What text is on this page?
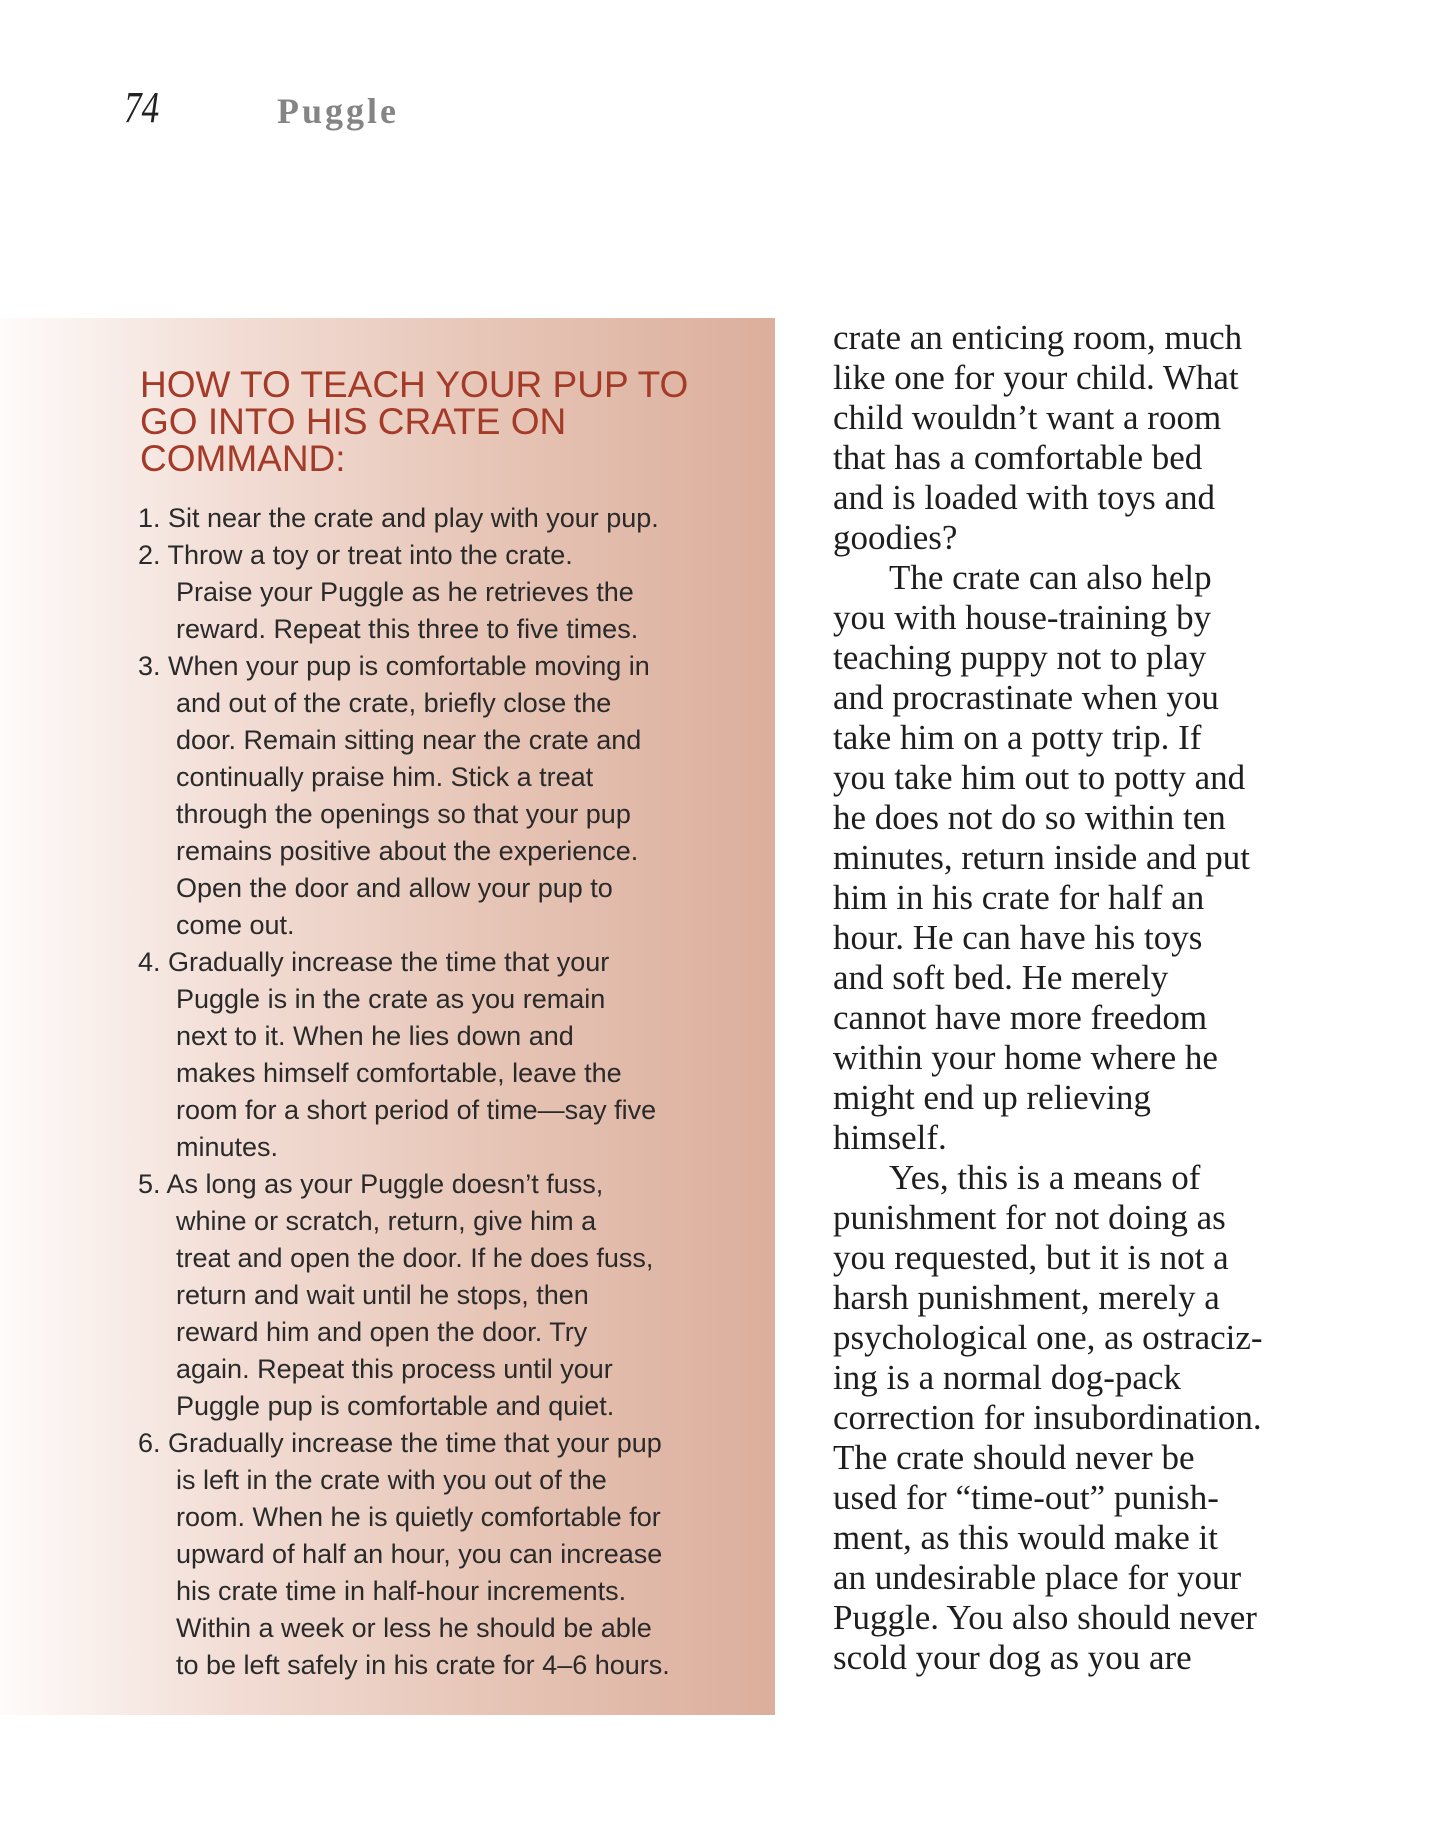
74	Puggle
HOW TO TEACH YOUR PUP TO
GO INTO HIS CRATE ON
COMMAND:
1. Sit near the crate and play with your pup.
2. Throw a toy or treat into the crate.
Praise your Puggle as he retrieves the
reward. Repeat this three to five times.
3. When your pup is comfortable moving in
and out of the crate, briefly close the
door. Remain sitting near the crate and
continually praise him. Stick a treat
through the openings so that your pup
remains positive about the experience.
Open the door and allow your pup to
come out.
4. Gradually increase the time that your
Puggle is in the crate as you remain
next to it. When he lies down and
makes himself comfortable, leave the
room for a short period of time—say five
minutes.
5. As long as your Puggle doesn’t fuss,
whine or scratch, return, give him a
treat and open the door. If he does fuss,
return and wait until he stops, then
reward him and open the door. Try
again. Repeat this process until your
Puggle pup is comfortable and quiet.
6. Gradually increase the time that your pup
is left in the crate with you out of the
room. When he is quietly comfortable for
upward of half an hour, you can increase
his crate time in half-hour increments.
Within a week or less he should be able
to be left safely in his crate for 4–6 hours.
crate an enticing room, much
like one for your child. What
child wouldn’t want a room
that has a comfortable bed
and is loaded with toys and
goodies?
The crate can also help
you with house-training by
teaching puppy not to play
and procrastinate when you
take him on a potty trip. If
you take him out to potty and
he does not do so within ten
minutes, return inside and put
him in his crate for half an
hour. He can have his toys
and soft bed. He merely
cannot have more freedom
within your home where he
might end up relieving
himself.
Yes, this is a means of
punishment for not doing as
you requested, but it is not a
harsh punishment, merely a
psychological one, as ostraciz-
ing is a normal dog-pack
correction for insubordination.
The crate should never be
used for “time-out” punish-
ment, as this would make it
an undesirable place for your
Puggle. You also should never
scold your dog as you are
